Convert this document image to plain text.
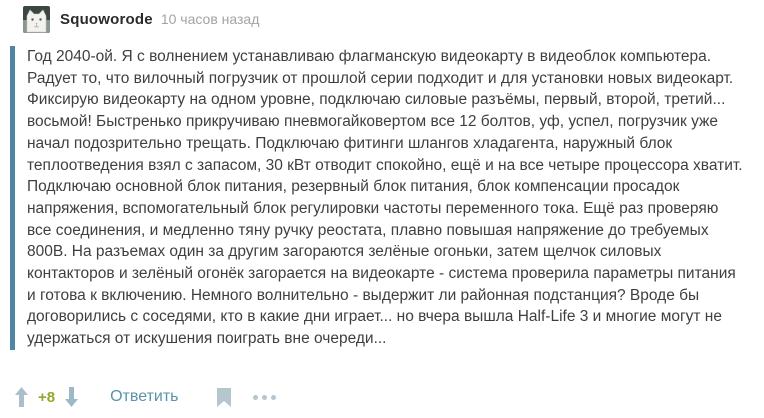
Squoworode 10 часов назад

Год 2040-ой. Я с волнением устанавливаю флагманскую видеокарту в видеоблок компьютера. Радует то, что вилочный погрузчик от прошлой серии подходит и для установки новых видеокарт. Фиксирую видеокарту на одном уровне, подключаю силовые разъёмы, первый, второй, третий... восьмой! Быстренько прикручиваю пневмогайковертом все 12 болтов, уф, успел, погрузчик уже начал подозрительно трещать. Подключаю фитинги шлангов хладагента, наружный блок теплоотведения взял с запасом, 30 кВт отводит спокойно, ещё и на все четыре процессора хватит. Подключаю основной блок питания, резервный блок питания, блок компенсации просадок напряжения, вспомогательный блок регулировки частоты переменного тока. Ещё раз проверяю все соединения, и медленно тяну ручку реостата, плавно повышая напряжение до требуемых 800В. На разъемах один за другим загораются зелёные огоньки, затем щелчок силовых контакторов и зелёный огонёк загорается на видеокарте - система проверила параметры питания и готова к включению. Немного волнительно - выдержит ли районная подстанция? Вроде бы договорились с соседями, кто в какие дни играет... но вчера вышла Half-Life 3 и многие могут не удержаться от искушения поиграть вне очереди...

+8	Ответить
